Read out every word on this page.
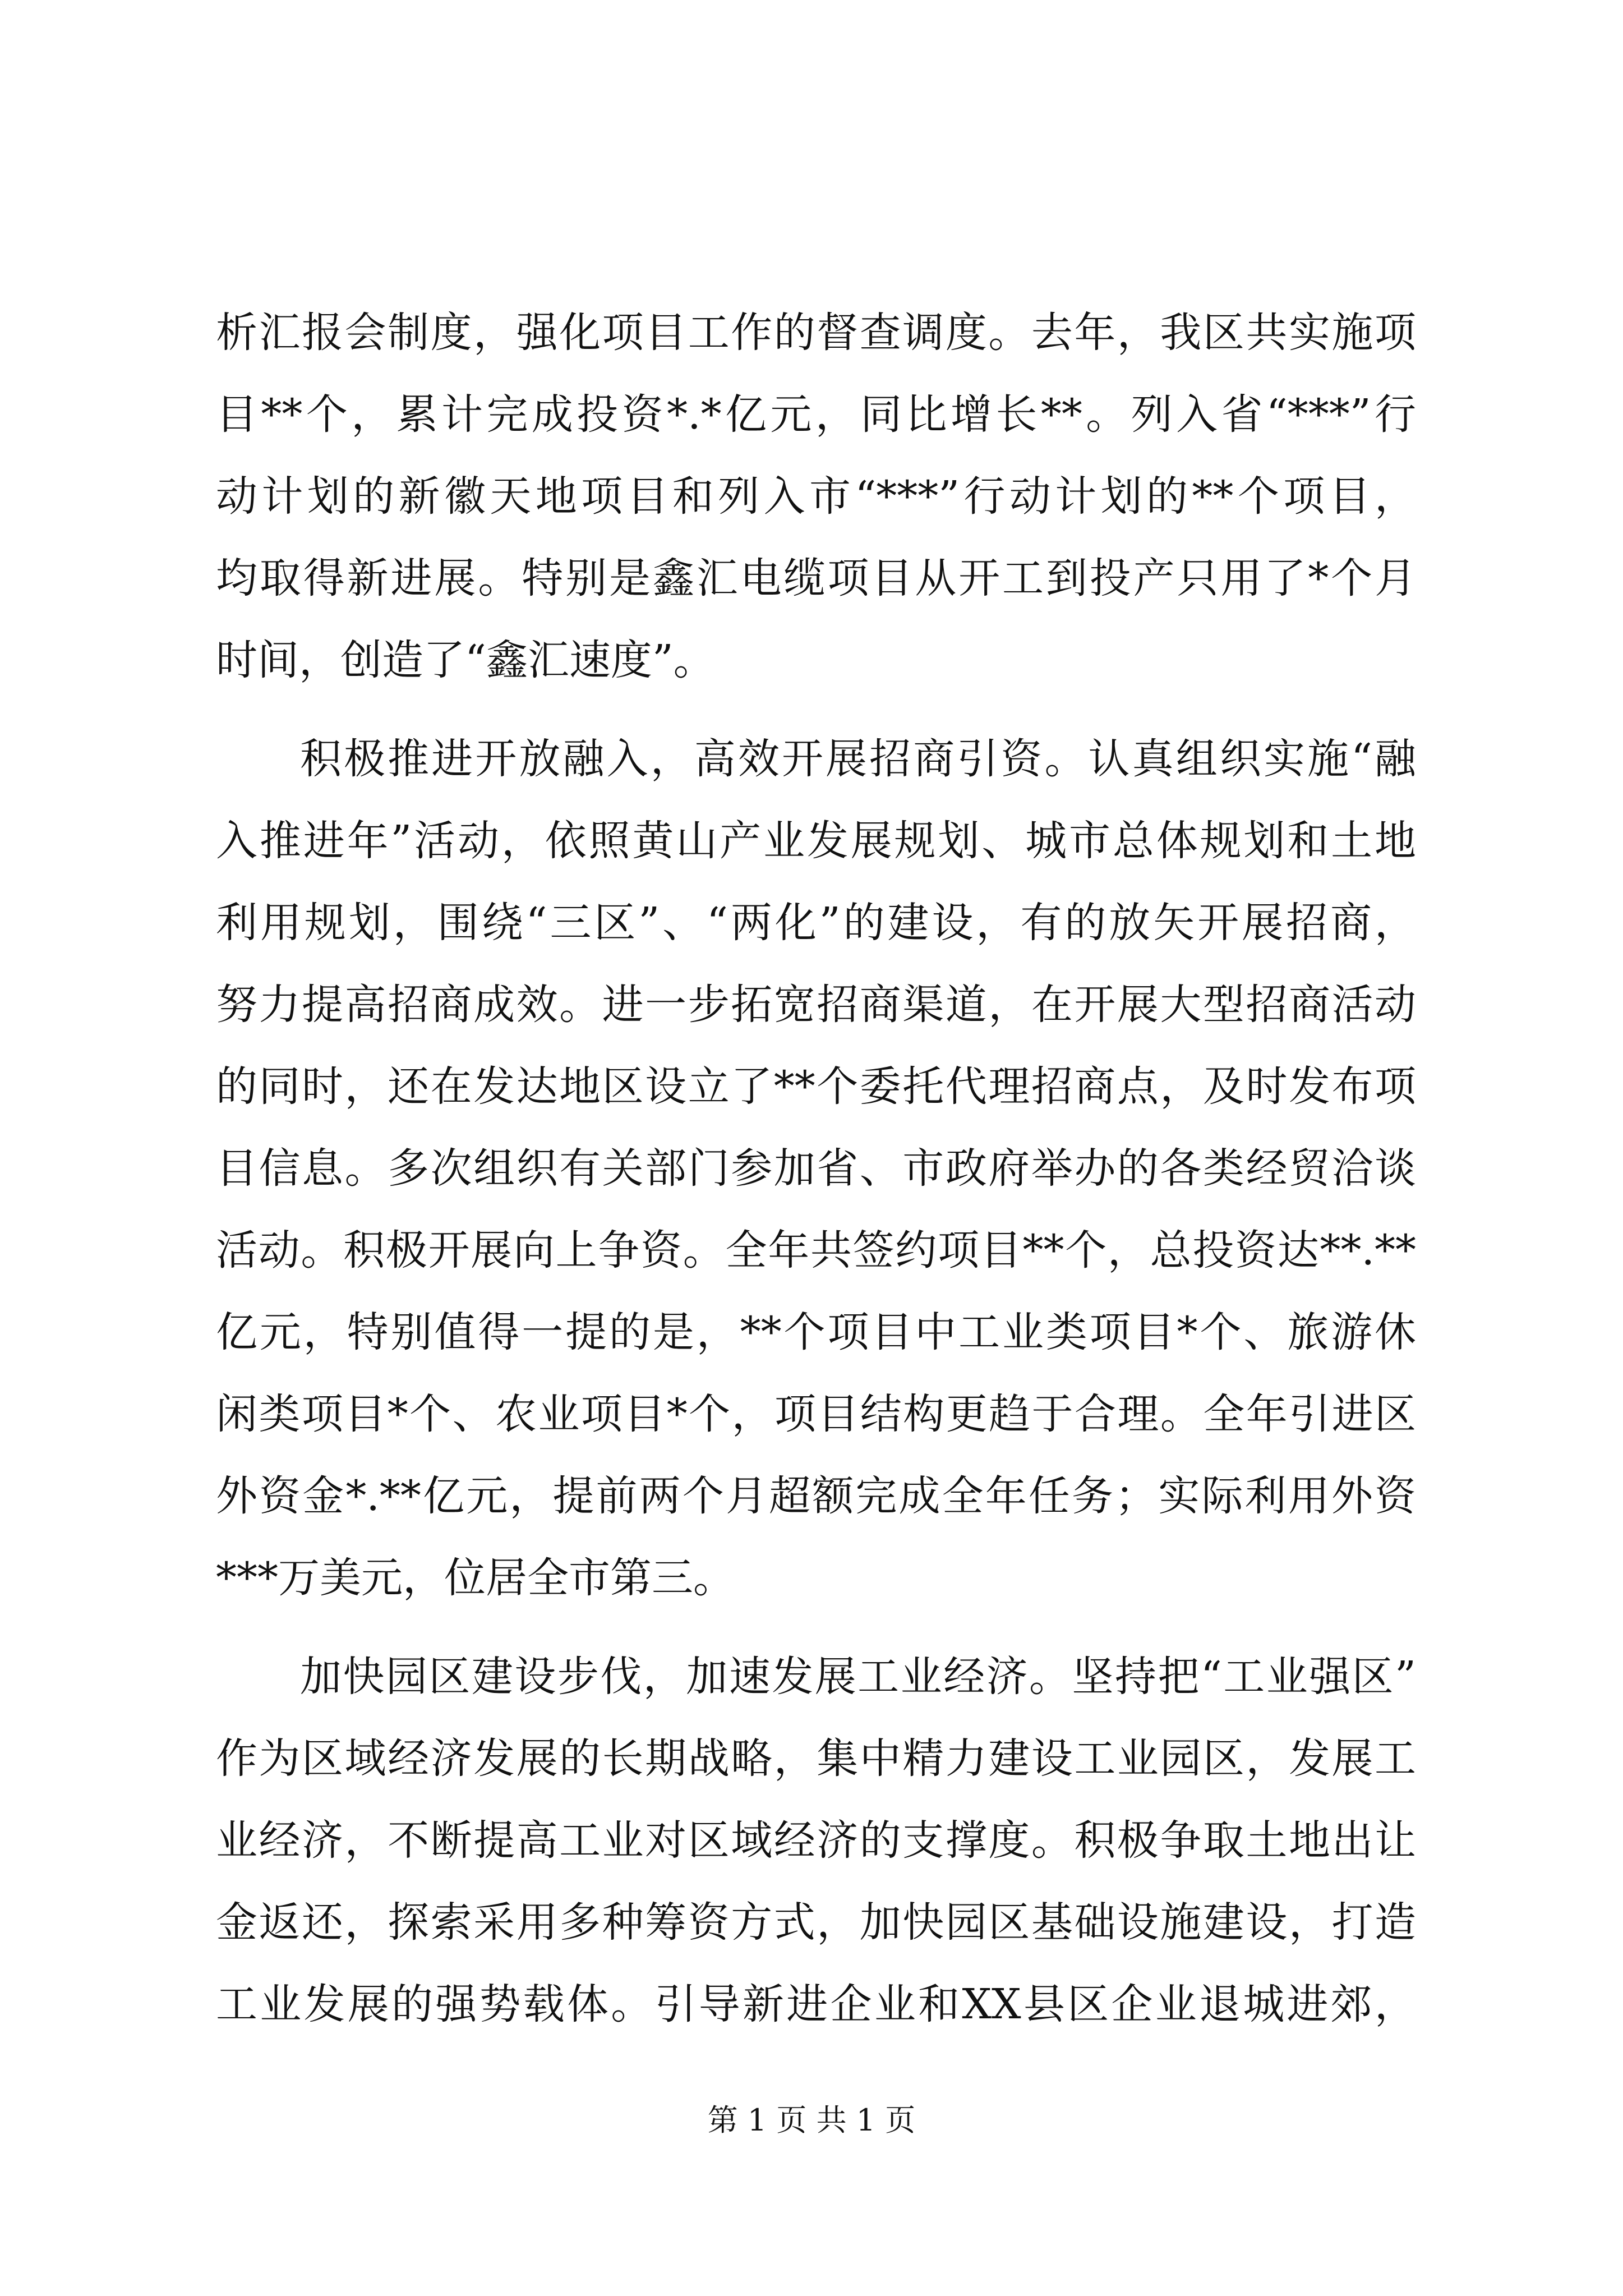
析汇报会制度，强化项目工作的督查调度。去年，我区共实施项
目**个，累计完成投资*.*亿元，同比增长**。列入省“***”行
动计划的新徽天地项目和列入市“***”行动计划的**个项目，
均取得新进展。特别是鑫汇电缆项目从开工到投产只用了*个月
时间，创造了“鑫汇速度”。
积极推进开放融入，高效开展招商引资。认真组织实施“融
入推进年”活动，依照黄山产业发展规划、城市总体规划和土地
利用规划，围绕“三区”、“两化”的建设，有的放矢开展招商，
努力提高招商成效。进一步拓宽招商渠道，在开展大型招商活动
的同时，还在发达地区设立了**个委托代理招商点，及时发布项
目信息。多次组织有关部门参加省、市政府举办的各类经贸洽谈
活动。积极开展向上争资。全年共签约项目**个，总投资达**.**
亿元，特别值得一提的是，**个项目中工业类项目*个、旅游休
闲类项目*个、农业项目*个，项目结构更趋于合理。全年引进区
外资金*.**亿元，提前两个月超额完成全年任务；实际利用外资
***万美元，位居全市第三。
加快园区建设步伐，加速发展工业经济。坚持把“工业强区”
作为区域经济发展的长期战略，集中精力建设工业园区，发展工
业经济，不断提高工业对区域经济的支撑度。积极争取土地出让
金返还，探索采用多种筹资方式，加快园区基础设施建设，打造
工业发展的强势载体。引导新进企业和XX县区企业退城进郊，
第 1 页 共 1 页
